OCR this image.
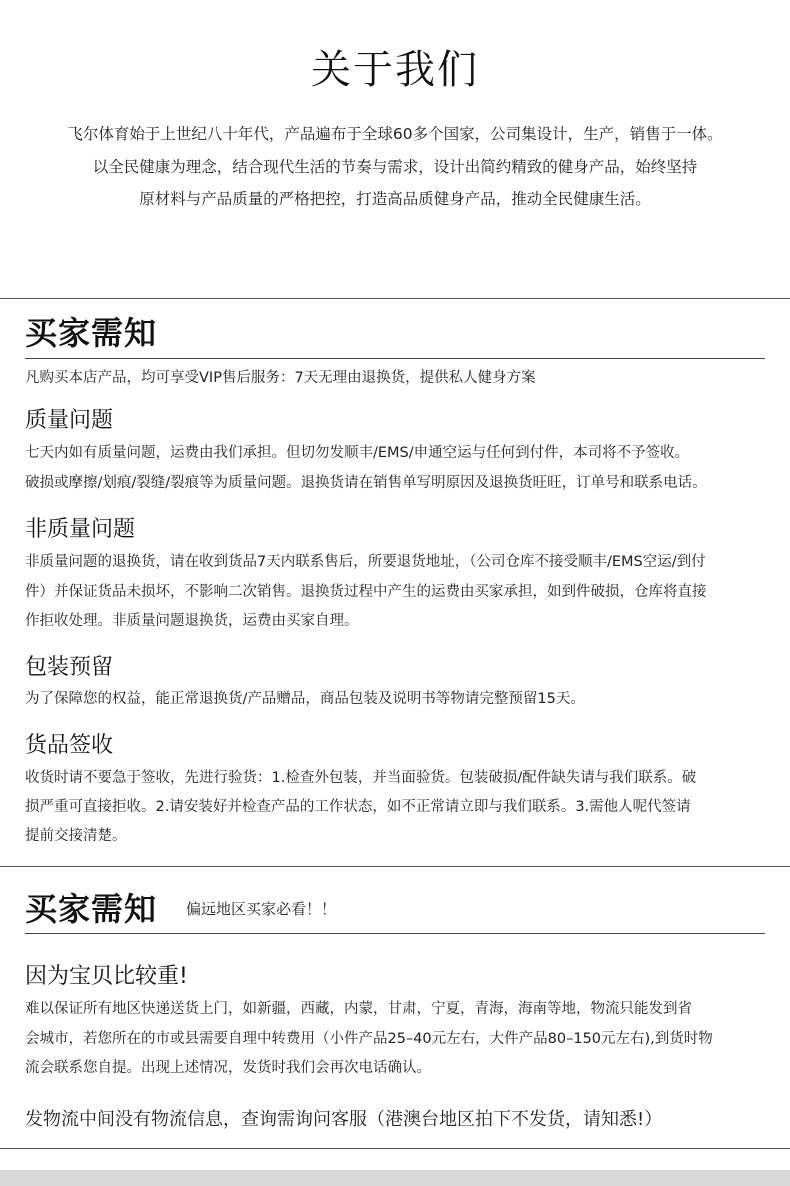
关于我们
飞尔体育始于上世纪八十年代，产品遍布于全球60多个国家，公司集设计，生产，销售于一体。
以全民健康为理念，结合现代生活的节奏与需求，设计出简约精致的健身产品，始终坚持
原材料与产品质量的严格把控，打造高品质健身产品，推动全民健康生活。
买家需知
凡购买本店产品，均可享受VIP售后服务：7天无理由退换货，提供私人健身方案
质量问题
七天内如有质量问题，运费由我们承担。但切勿发顺丰/EMS/申通空运与任何到付件，本司将不予签收。
破损或摩擦/划痕/裂缝/裂痕等为质量问题。退换货请在销售单写明原因及退换货旺旺，订单号和联系电话。
非质量问题
非质量问题的退换货，请在收到货品7天内联系售后，所要退货地址，（公司仓库不接受顺丰/EMS空运/到付
件）并保证货品未损坏，不影响二次销售。退换货过程中产生的运费由买家承担，如到件破损，仓库将直接
作拒收处理。非质量问题退换货，运费由买家自理。
包装预留
为了保障您的权益，能正常退换货/产品赠品，商品包装及说明书等物请完整预留15天。
货品签收
收货时请不要急于签收，先进行验货：1.检查外包装，并当面验货。包装破损/配件缺失请与我们联系。破
损严重可直接拒收。2.请安装好并检查产品的工作状态，如不正常请立即与我们联系。3.需他人呢代签请
提前交接清楚。
买家需知 偏远地区买家必看！！
因为宝贝比较重!
难以保证所有地区快递送货上门，如新疆，西藏，内蒙，甘肃，宁夏，青海，海南等地，物流只能发到省
会城市，若您所在的市或县需要自理中转费用（小件产品25–40元左右，大件产品80–150元左右),到货时物
流会联系您自提。出现上述情况，发货时我们会再次电话确认。
发物流中间没有物流信息，查询需询问客服（港澳台地区拍下不发货，请知悉!）
